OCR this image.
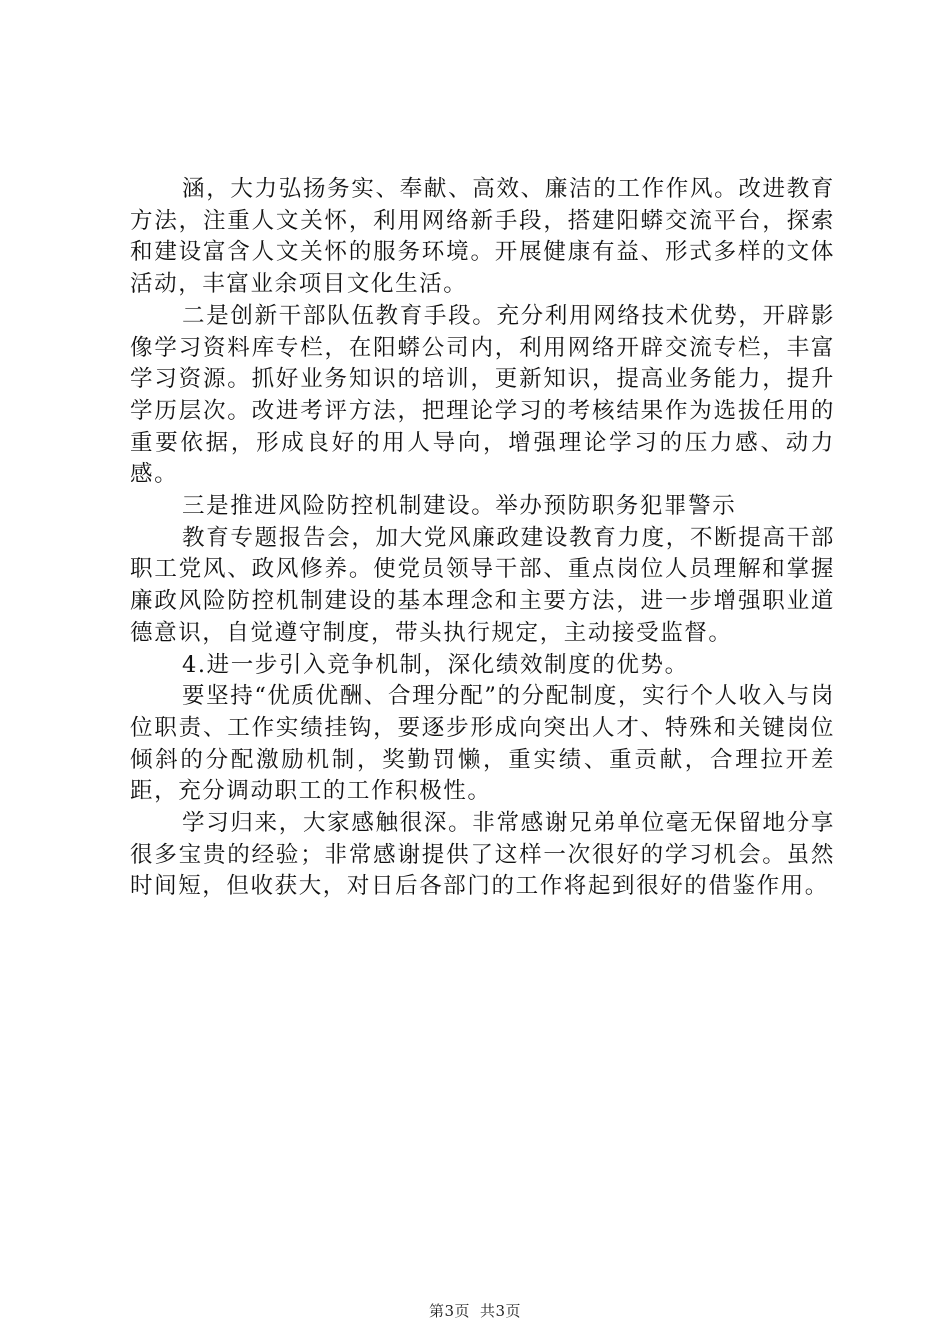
涵，大力弘扬务实、奉献、高效、廉洁的工作作风。改进教育方法，注重人文关怀，利用网络新手段，搭建阳蟒交流平台，探索和建设富含人文关怀的服务环境。开展健康有益、形式多样的文体活动，丰富业余项目文化生活。

二是创新干部队伍教育手段。充分利用网络技术优势，开辟影像学习资料库专栏，在阳蟒公司内，利用网络开辟交流专栏，丰富学习资源。抓好业务知识的培训，更新知识，提高业务能力，提升学历层次。改进考评方法，把理论学习的考核结果作为选拔任用的重要依据，形成良好的用人导向，增强理论学习的压力感、动力感。

三是推进风险防控机制建设。举办预防职务犯罪警示

教育专题报告会，加大党风廉政建设教育力度，不断提高干部职工党风、政风修养。使党员领导干部、重点岗位人员理解和掌握廉政风险防控机制建设的基本理念和主要方法，进一步增强职业道德意识，自觉遵守制度，带头执行规定，主动接受监督。

4.进一步引入竞争机制，深化绩效制度的优势。

要坚持“优质优酬、合理分配”的分配制度，实行个人收入与岗位职责、工作实绩挂钩，要逐步形成向突出人才、特殊和关键岗位倾斜的分配激励机制，奖勤罚懒，重实绩、重贡献，合理拉开差距，充分调动职工的工作积极性。

学习归来，大家感触很深。非常感谢兄弟单位毫无保留地分享很多宝贵的经验；非常感谢提供了这样一次很好的学习机会。虽然时间短，但收获大，对日后各部门的工作将起到很好的借鉴作用。

第3页 共3页
